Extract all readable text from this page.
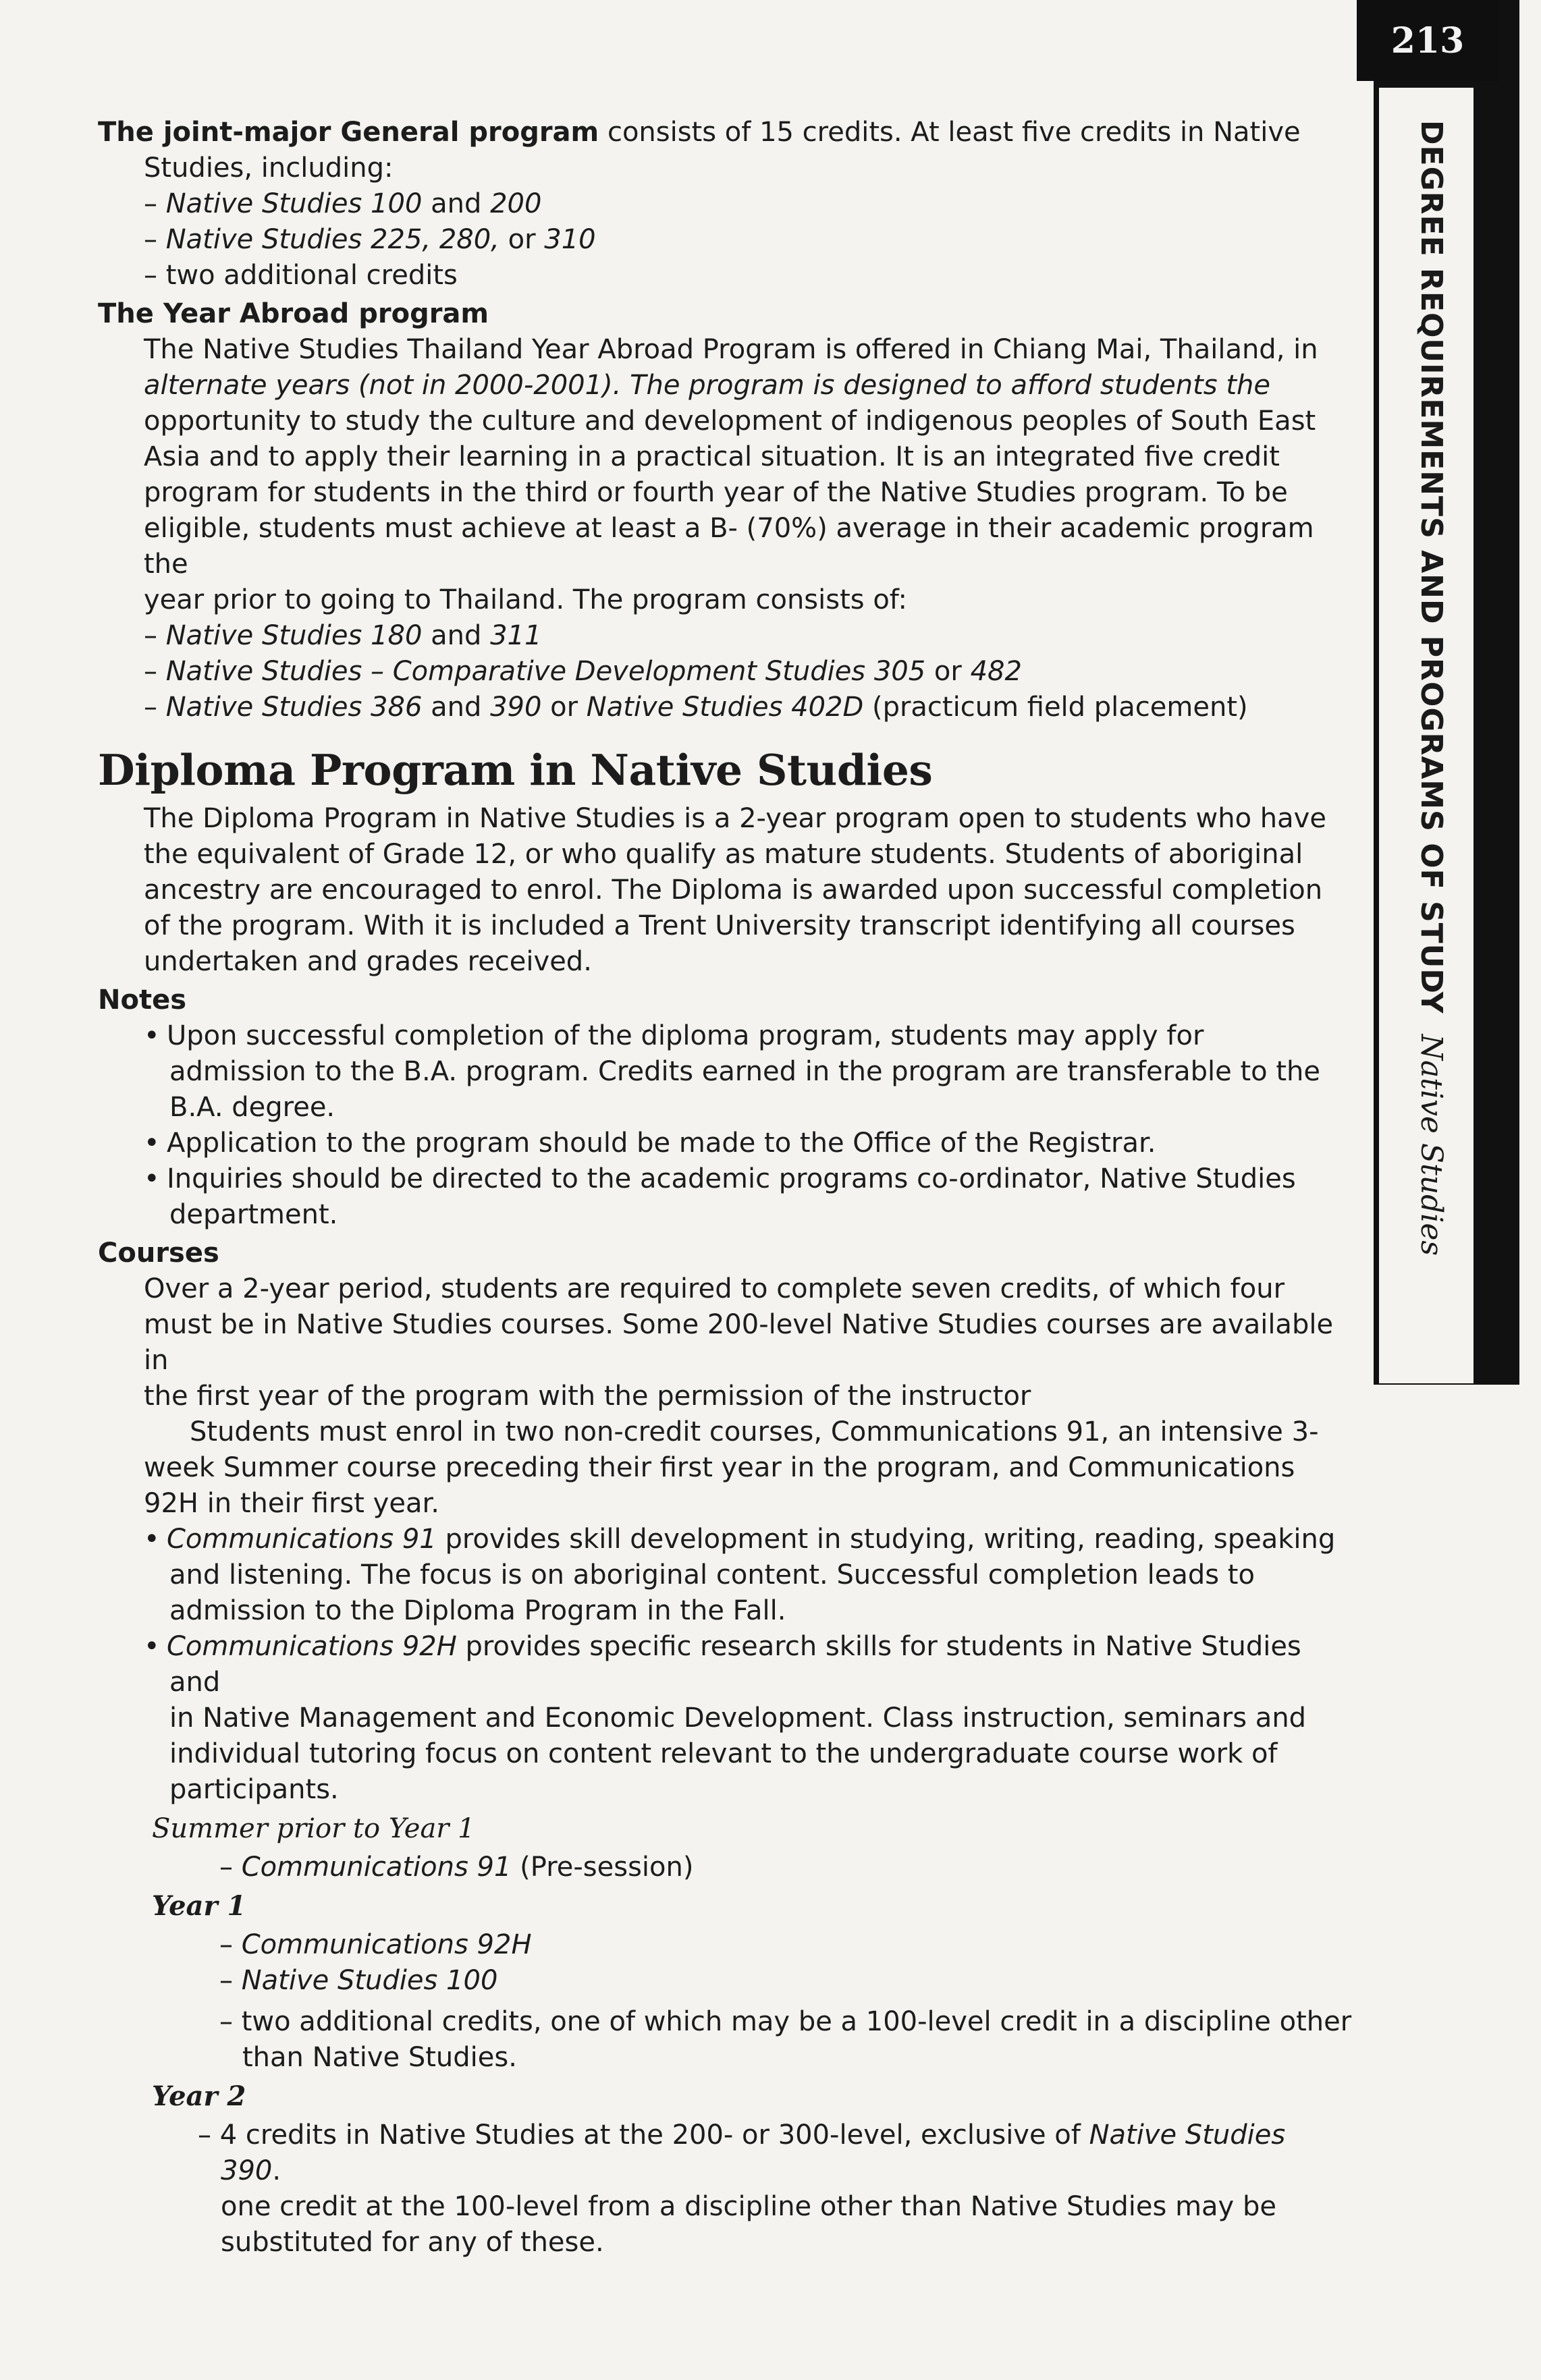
213
DEGREE REQUIREMENTS AND PROGRAMS OF STUDYNative Studies
The joint-major General program consists of 15 credits. At least five credits in Native
Studies, including:
– Native Studies 100 and 200
– Native Studies 225, 280, or 310
– two additional credits
The Year Abroad program
The Native Studies Thailand Year Abroad Program is offered in Chiang Mai, Thailand, in
alternate years (not in 2000-2001). The program is designed to afford students the
opportunity to study the culture and development of indigenous peoples of South East
Asia and to apply their learning in a practical situation. It is an integrated five credit
program for students in the third or fourth year of the Native Studies program. To be
eligible, students must achieve at least a B- (70%) average in their academic program the
year prior to going to Thailand. The program consists of:
– Native Studies 180 and 311
– Native Studies – Comparative Development Studies 305 or 482
– Native Studies 386 and 390 or Native Studies 402D (practicum field placement)
Diploma Program in Native Studies
The Diploma Program in Native Studies is a 2-year program open to students who have
the equivalent of Grade 12, or who qualify as mature students. Students of aboriginal
ancestry are encouraged to enrol. The Diploma is awarded upon successful completion
of the program. With it is included a Trent University transcript identifying all courses
undertaken and grades received.
Notes
• Upon successful completion of the diploma program, students may apply for
admission to the B.A. program. Credits earned in the program are transferable to the
B.A. degree.
• Application to the program should be made to the Office of the Registrar.
• Inquiries should be directed to the academic programs co-ordinator, Native Studies
department.
Courses
Over a 2-year period, students are required to complete seven credits, of which four
must be in Native Studies courses. Some 200-level Native Studies courses are available in
the first year of the program with the permission of the instructor
Students must enrol in two non-credit courses, Communications 91, an intensive 3-
week Summer course preceding their first year in the program, and Communications
92H in their first year.
• Communications 91 provides skill development in studying, writing, reading, speaking
and listening. The focus is on aboriginal content. Successful completion leads to
admission to the Diploma Program in the Fall.
• Communications 92H provides specific research skills for students in Native Studies and
in Native Management and Economic Development. Class instruction, seminars and
individual tutoring focus on content relevant to the undergraduate course work of
participants.
Summer prior to Year 1
– Communications 91 (Pre-session)
Year 1
– Communications 92H
– Native Studies 100
– two additional credits, one of which may be a 100-level credit in a discipline other
than Native Studies.
Year 2
– 4 credits in Native Studies at the 200- or 300-level, exclusive of Native Studies 390.
one credit at the 100-level from a discipline other than Native Studies may be
substituted for any of these.
